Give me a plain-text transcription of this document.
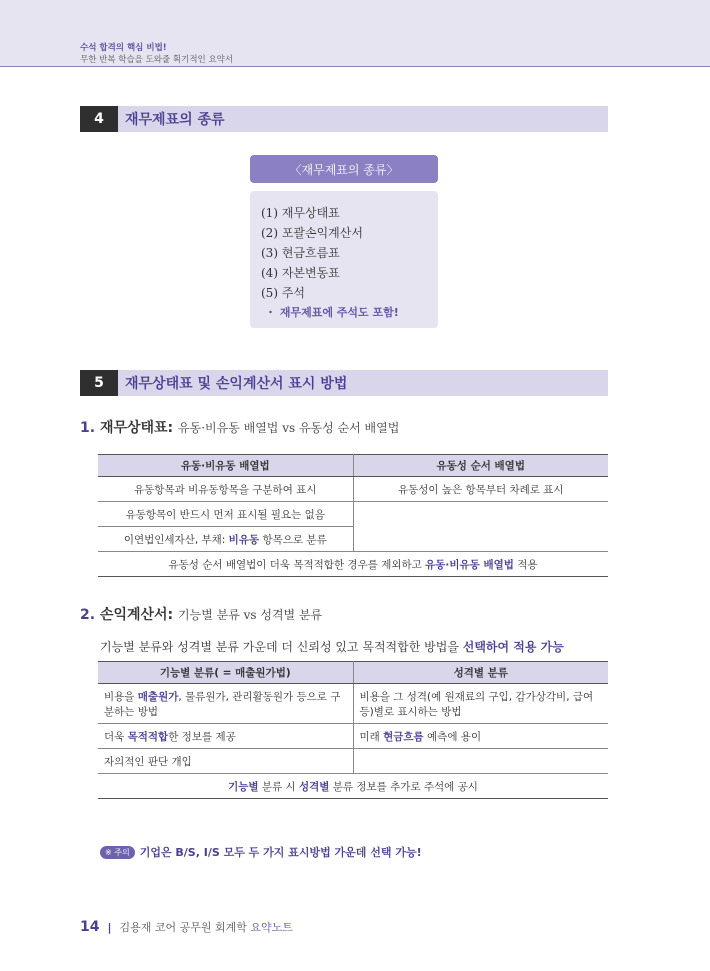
수석 합격의 핵심 비법!
무한 반복 학습을 도와줄 획기적인 요약서
4	재무제표의 종류
〈재무제표의 종류〉
(1) 재무상태표
(2) 포괄손익계산서
(3) 현금흐름표
(4) 자본변동표
(5) 주석
・ 재무제표에 주석도 포함!
5	재무상태표 및 손익계산서 표시 방법
1. 재무상태표: 유동·비유동 배열법 vs 유동성 순서 배열법
유동·비유동 배열법	유동성 순서 배열법
유동항목과 비유동항목을 구분하여 표시	유동성이 높은 항목부터 차례로 표시
유동항목이 반드시 먼저 표시될 필요는 없음	
이연법인세자산, 부채: 비유동 항목으로 분류	
유동성 순서 배열법이 더욱 목적적합한 경우를 제외하고 유동·비유동 배열법 적용	
2. 손익계산서: 기능별 분류 vs 성격별 분류
기능별 분류와 성격별 분류 가운데 더 신뢰성 있고 목적적합한 방법을 선택하여 적용 가능
기능별 분류( = 매출원가법)	성격별 분류
비용을 매출원가, 물류원가, 관리활동원가 등으로 구분하는 방법	비용을 그 성격(예 원재료의 구입, 감가상각비, 급여 등)별로 표시하는 방법
더욱 목적적합한 정보를 제공	미래 현금흐름 예측에 용이
자의적인 판단 개입	
기능별 분류 시 성격별 분류 정보를 추가로 주석에 공시	
※ 주의 기업은 B/S, I/S 모두 두 가지 표시방법 가운데 선택 가능!
14 | 김용재 코어 공무원 회계학 요약노트
